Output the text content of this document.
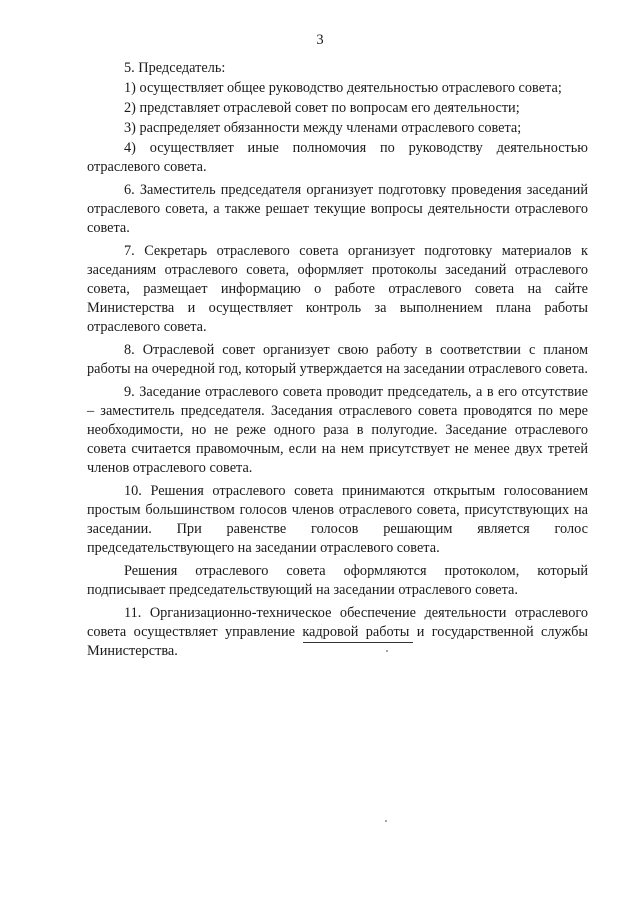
3

5. Председатель:

1) осуществляет общее руководство деятельностью отраслевого совета;

2) представляет отраслевой совет по вопросам его деятельности;

3) распределяет обязанности между членами отраслевого совета;

4) осуществляет иные полномочия по руководству деятельностью отраслевого совета.

6. Заместитель председателя организует подготовку проведения заседаний отраслевого совета, а также решает текущие вопросы деятельности отраслевого совета.

7. Секретарь отраслевого совета организует подготовку материалов к заседаниям отраслевого совета, оформляет протоколы заседаний отраслевого совета, размещает информацию о работе отраслевого совета на сайте Министерства и осуществляет контроль за выполнением плана работы отраслевого совета.

8. Отраслевой совет организует свою работу в соответствии с планом работы на очередной год, который утверждается на заседании отраслевого совета.

9. Заседание отраслевого совета проводит председатель, а в его отсутствие – заместитель председателя. Заседания отраслевого совета проводятся по мере необходимости, но не реже одного раза в полугодие. Заседание отраслевого совета считается правомочным, если на нем присутствует не менее двух третей членов отраслевого совета.

10. Решения отраслевого совета принимаются открытым голосованием простым большинством голосов членов отраслевого совета, присутствующих на заседании. При равенстве голосов решающим является голос председательствующего на заседании отраслевого совета.

Решения отраслевого совета оформляются протоколом, который подписывает председательствующий на заседании отраслевого совета.

11. Организационно-техническое обеспечение деятельности отраслевого совета осуществляет управление кадровой работы и государственной службы Министерства.
